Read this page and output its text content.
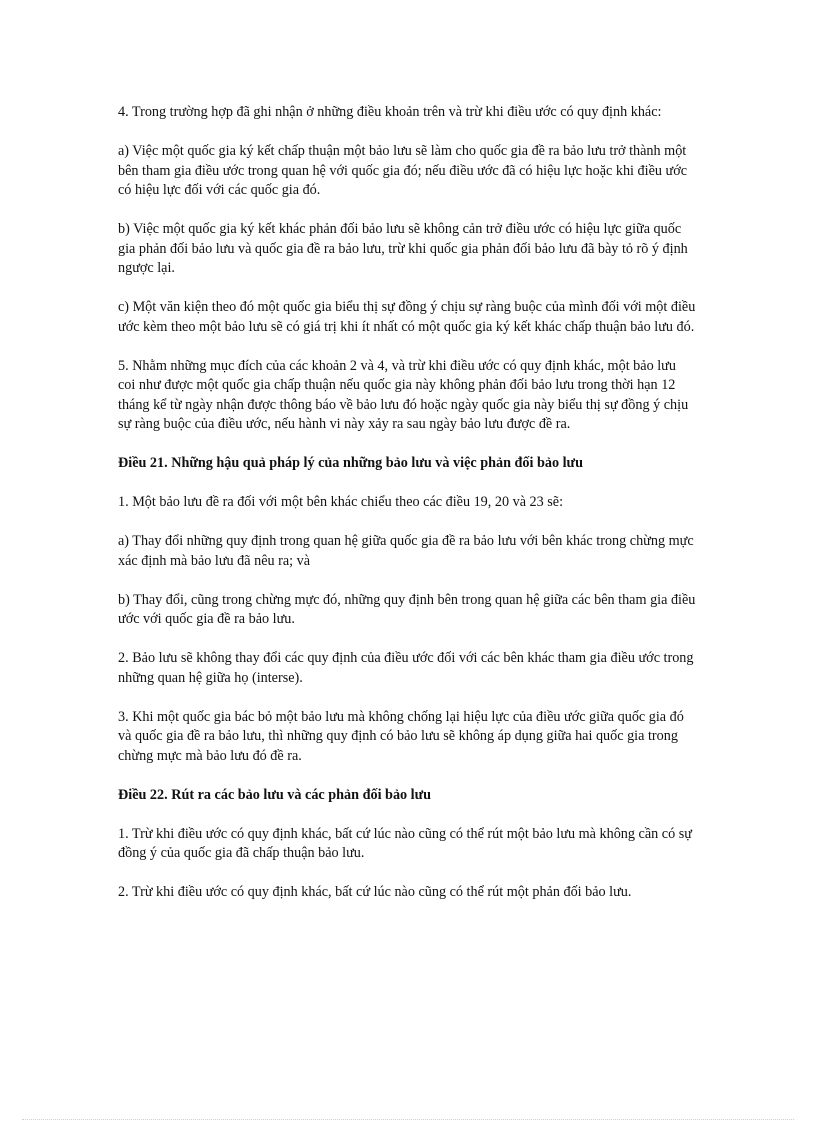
4. Trong trường hợp đã ghi nhận ở những điều khoản trên và trừ khi điều ước có quy định khác:

a) Việc một quốc gia ký kết chấp thuận một bảo lưu sẽ làm cho quốc gia đề ra bảo lưu trở thành một bên tham gia điều ước trong quan hệ với quốc gia đó; nếu điều ước đã có hiệu lực hoặc khi điều ước có hiệu lực đối với các quốc gia đó.

b) Việc một quốc gia ký kết khác phản đối bảo lưu sẽ không cản trở điều ước có hiệu lực giữa quốc gia phản đối bảo lưu và quốc gia đề ra bảo lưu, trừ khi quốc gia phản đối bảo lưu đã bày tỏ rõ ý định ngược lại.

c) Một văn kiện theo đó một quốc gia biểu thị sự đồng ý chịu sự ràng buộc của mình đối với một điều ước kèm theo một bảo lưu sẽ có giá trị khi ít nhất có một quốc gia ký kết khác chấp thuận bảo lưu đó.

5. Nhằm những mục đích của các khoản 2 và 4, và trừ khi điều ước có quy định khác, một bảo lưu coi như được một quốc gia chấp thuận nếu quốc gia này không phản đối bảo lưu trong thời hạn 12 tháng kể từ ngày nhận được thông báo về bảo lưu đó hoặc ngày quốc gia này biểu thị sự đồng ý chịu sự ràng buộc của điều ước, nếu hành vi này xảy ra sau ngày bảo lưu được đề ra.

Điều 21. Những hậu quả pháp lý của những bảo lưu và việc phản đối bảo lưu

1. Một bảo lưu đề ra đối với một bên khác chiểu theo các điều 19, 20 và 23 sẽ:

a) Thay đổi những quy định trong quan hệ giữa quốc gia đề ra bảo lưu với bên khác trong chừng mực xác định mà bảo lưu đã nêu ra; và

b) Thay đổi, cũng trong chừng mực đó, những quy định bên trong quan hệ giữa các bên tham gia điều ước với quốc gia đề ra bảo lưu.

2. Bảo lưu sẽ không thay đổi các quy định của điều ước đối với các bên khác tham gia điều ước trong những quan hệ giữa họ (interse).

3. Khi một quốc gia bác bỏ một bảo lưu mà không chống lại hiệu lực của điều ước giữa quốc gia đó và quốc gia đề ra bảo lưu, thì những quy định có bảo lưu sẽ không áp dụng giữa hai quốc gia trong chừng mực mà bảo lưu đó đề ra.

Điều 22. Rút ra các bảo lưu và các phản đối bảo lưu

1. Trừ khi điều ước có quy định khác, bất cứ lúc nào cũng có thể rút một bảo lưu mà không cần có sự đồng ý của quốc gia đã chấp thuận bảo lưu.

2. Trừ khi điều ước có quy định khác, bất cứ lúc nào cũng có thể rút một phản đối bảo lưu.
